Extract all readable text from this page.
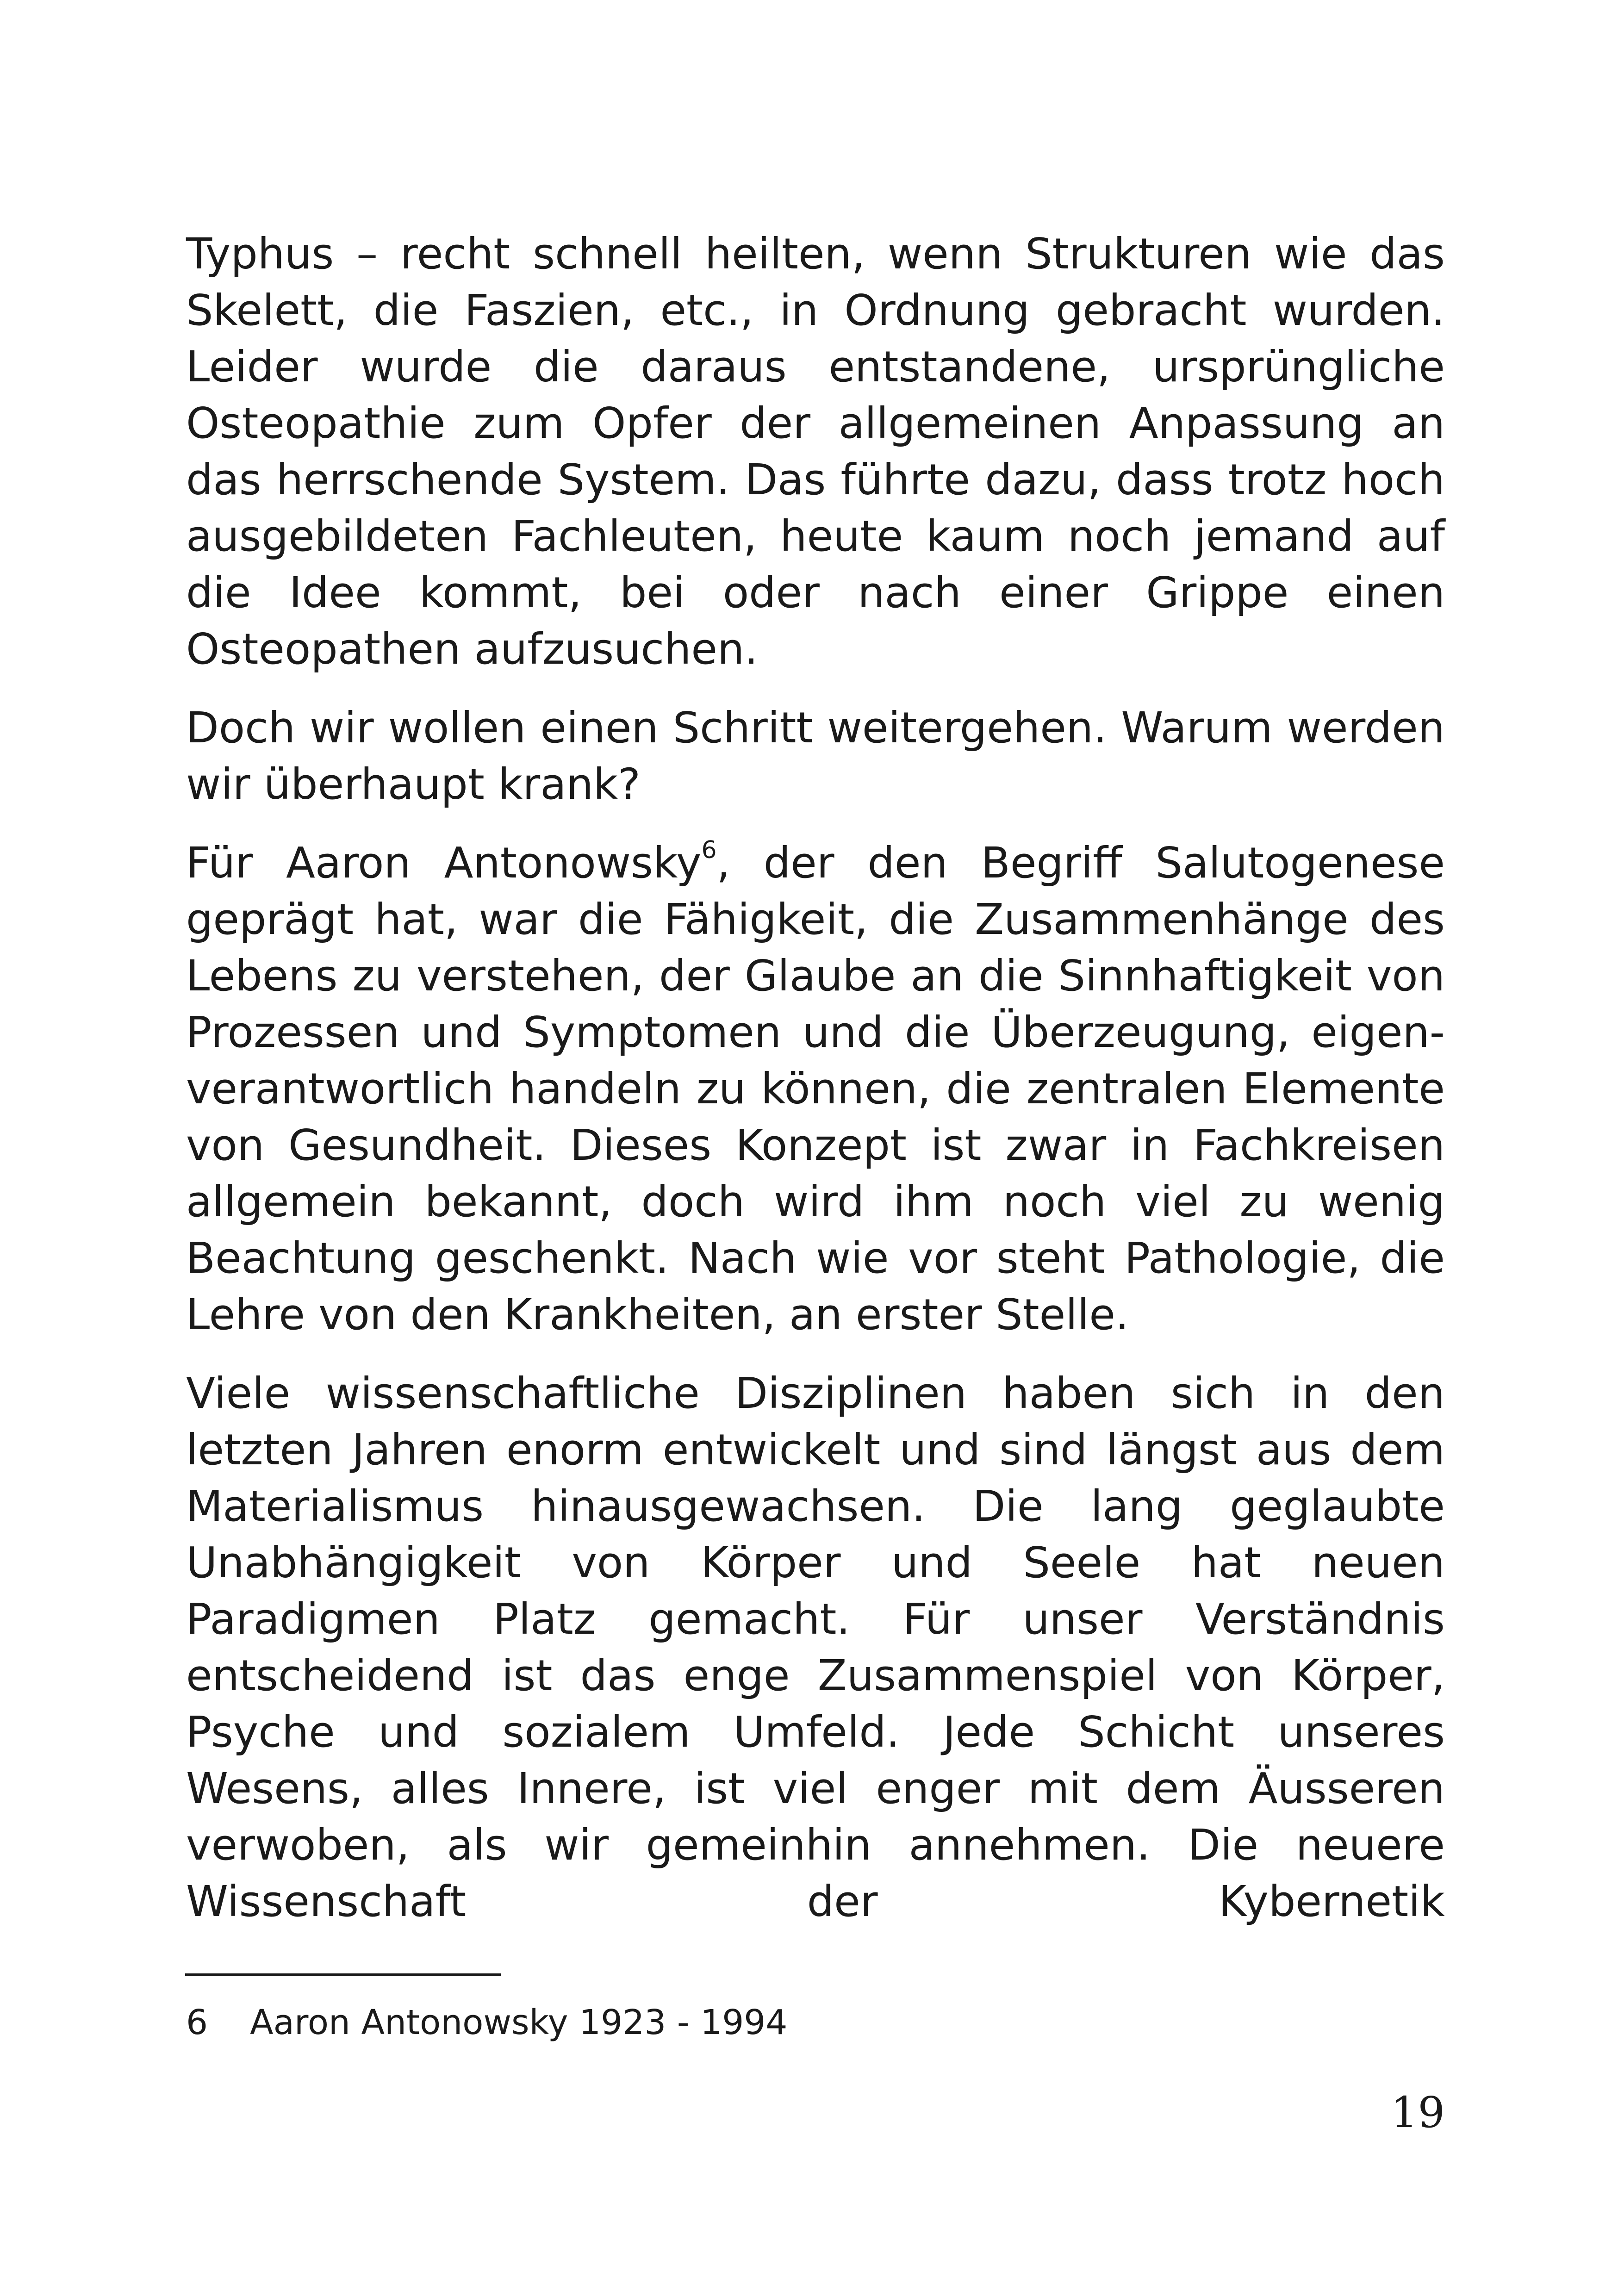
Typhus – recht schnell heilten, wenn Strukturen wie das Skelett, die Faszien, etc., in Ordnung gebracht wurden. Leider wurde die daraus entstandene, ursprüngliche Osteopathie zum Opfer der allgemeinen Anpassung an das herrschende System. Das führte dazu, dass trotz hoch ausgebildeten Fachleuten, heute kaum noch jemand auf die Idee kommt, bei oder nach einer Grippe einen Osteopathen aufzusuchen.

Doch wir wollen einen Schritt weitergehen. Warum werden wir überhaupt krank?

Für Aaron Antonowsky$^6$, der den Begriff Salutogenese geprägt hat, war die Fähigkeit, die Zusammenhänge des Lebens zu verstehen, der Glaube an die Sinnhaftigkeit von Prozessen und Symptomen und die Überzeugung, eigenverantwortlich handeln zu können, die zentralen Elemente von Gesundheit. Dieses Konzept ist zwar in Fachkreisen allgemein bekannt, doch wird ihm noch viel zu wenig Beachtung geschenkt. Nach wie vor steht Pathologie, die Lehre von den Krankheiten, an erster Stelle.

Viele wissenschaftliche Disziplinen haben sich in den letzten Jahren enorm entwickelt und sind längst aus dem Materialismus hinausgewachsen. Die lang geglaubte Unabhängigkeit von Körper und Seele hat neuen Paradigmen Platz gemacht. Für unser Verständnis entscheidend ist das enge Zusammenspiel von Körper, Psyche und sozialem Umfeld. Jede Schicht unseres Wesens, alles Innere, ist viel enger mit dem Äusseren verwoben, als wir gemeinhin annehmen. Die neuere Wissenschaft der Kybernetik

6 Aaron Antonowsky 1923 - 1994
19
